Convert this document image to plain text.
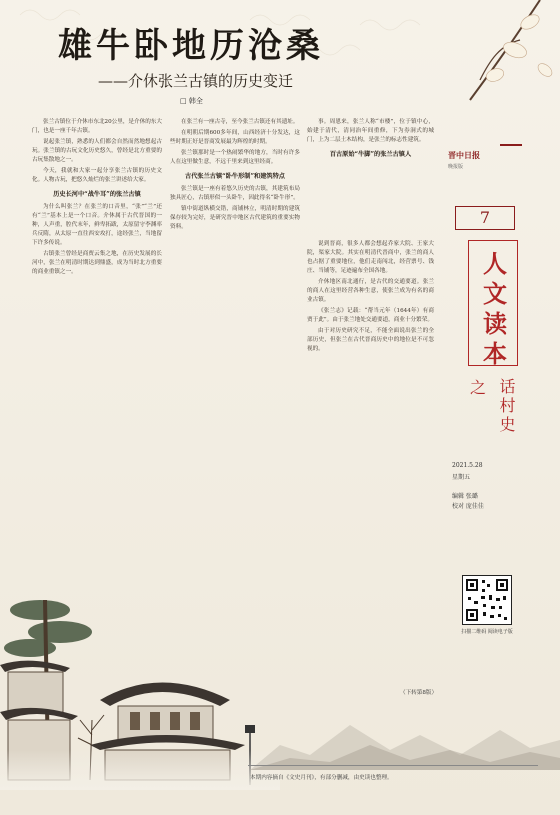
雄牛卧地历沧桑
——介休张兰古镇的历史变迁
□ 韩全

张兰古镇位于介休市东北20公里，是介休的东大门，也是一座千年古镇。

说起张兰镇，熟悉的人们都会自然而然地想起古玩。张兰镇的古玩文化历史悠久，曾经是北方重要的古玩集散地之一。

今天，我就和大家一起分享张兰古镇的历史文化。人物古玩，把悠久灿烂的张兰讲述给大家。

历史长河中“战牛耳”的张兰古镇

为什么叫张兰？在张兰的口音里，“张”“兰”还有“兰”基本上是一个口音。介休属于古代晋国的一种，人声重，腔代末年，鲜卑拓跋，太原留守李渊率兵反隋，从太原一直往西安攻打，途经张兰，当地留下许多传说。

古镇张兰曾经是商贾云集之地，在历史发展的长河中，张兰在明清时期达到鼎盛，成为当时北方重要的商业重镇之一。

在张兰有一座古寺，至今张兰古镇还有其遗址。

在明朝后期600多年间，山西经济十分发达，这些时期正好是晋商发展最为辉煌的时期。

张兰镇那时是一个热闹繁华的地方，当时有许多人在这里做生意，不远千里来到这里经商。

古代张兰古镇“卧牛形制”和建筑特点

张兰镇是一座有着悠久历史的古镇，其建筑布局独具匠心，古镇形似一头卧牛，因此得名“卧牛形”。

镇中街道纵横交错，商铺林立，明清时期的建筑保存较为完好，是研究晋中地区古代建筑的重要实物资料。

事。周恩来，张兰人称“市楼”，位于镇中心，始建于清代，清同治年间重修，下为券洞式的城门，上为二层土木结构，是张兰的标志性建筑。

百古原始“牛脚”的张兰古镇人

说到晋商，很多人都会想起乔家大院、王家大院，渠家大院。其实在明清代晋商中，张兰的商人也占据了重要地位，他们走南闯北，经营票号、钱庄、当铺等，足迹遍布全国各地。

介休地区南北通行，是古代的交通要道。张兰的商人在这里经营各种生意，使张兰成为有名的商业古镇。

《张兰志》记载：“帮当元年（1644年）有商贾于此”。由于张兰地处交通要道，商业十分繁荣。

由于对历史研究不足，不能全面说出张兰的全部历史，但张兰在古代晋商历史中的地位是不可忽视的。

（下转第8版）
晋中日报
晚报版
7
人
文
读
本
之 话村史
2021.5.28
星期五
编辑 张璐
校对 庞佳佳
扫描二维码 阅读电子版
本期内容摘自《文史月刊》，有部分删减，由史读也整理。
